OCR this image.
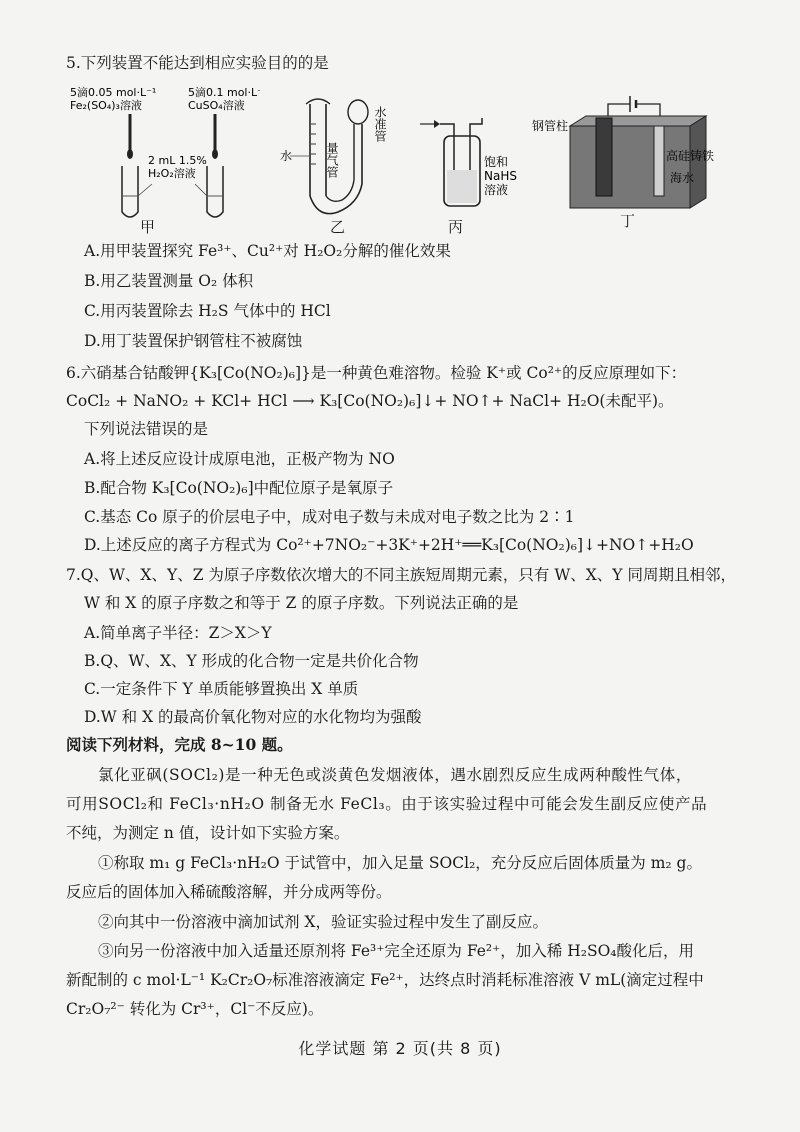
5.下列装置不能达到相应实验目的的是
5滴0.05 mol·L⁻¹
Fe₂(SO₄)₃溶液
5滴0.1 mol·L⁻¹
CuSO₄溶液
2 mL 1.5%
H₂O₂溶液
甲
水	量气管
水准管
乙
饱和
NaHS
溶液
丙
钢管柱
高硅铸铁
海水
丁
A.用甲装置探究 Fe³⁺、Cu²⁺对 H₂O₂分解的催化效果
B.用乙装置测量 O₂ 体积
C.用丙装置除去 H₂S 气体中的 HCl
D.用丁装置保护钢管柱不被腐蚀
6.六硝基合钴酸钾{K₃[Co(NO₂)₆]}是一种黄色难溶物。检验 K⁺或 Co²⁺的反应原理如下：
CoCl₂ + NaNO₂ + KCl+ HCl ⟶ K₃[Co(NO₂)₆]↓+ NO↑+ NaCl+ H₂O(未配平)。
下列说法错误的是
A.将上述反应设计成原电池，正极产物为 NO
B.配合物 K₃[Co(NO₂)₆]中配位原子是氧原子
C.基态 Co 原子的价层电子中，成对电子数与未成对电子数之比为 2∶1
D.上述反应的离子方程式为 Co²⁺+7NO₂⁻+3K⁺+2H⁺══K₃[Co(NO₂)₆]↓+NO↑+H₂O
7.Q、W、X、Y、Z 为原子序数依次增大的不同主族短周期元素，只有 W、X、Y 同周期且相邻，
W 和 X 的原子序数之和等于 Z 的原子序数。下列说法正确的是
A.简单离子半径：Z＞X＞Y
B.Q、W、X、Y 形成的化合物一定是共价化合物
C.一定条件下 Y 单质能够置换出 X 单质
D.W 和 X 的最高价氧化物对应的水化物均为强酸
阅读下列材料，完成 8~10 题。
氯化亚砜(SOCl₂)是一种无色或淡黄色发烟液体，遇水剧烈反应生成两种酸性气体，
可用SOCl₂和 FeCl₃·nH₂O 制备无水 FeCl₃。由于该实验过程中可能会发生副反应使产品
不纯，为测定 n 值，设计如下实验方案。
①称取 m₁ g FeCl₃·nH₂O 于试管中，加入足量 SOCl₂，充分反应后固体质量为 m₂ g。
反应后的固体加入稀硫酸溶解，并分成两等份。
②向其中一份溶液中滴加试剂 X，验证实验过程中发生了副反应。
③向另一份溶液中加入适量还原剂将 Fe³⁺完全还原为 Fe²⁺，加入稀 H₂SO₄酸化后，用
新配制的 c mol·L⁻¹ K₂Cr₂O₇标准溶液滴定 Fe²⁺，达终点时消耗标准溶液 V mL(滴定过程中
Cr₂O₇²⁻ 转化为 Cr³⁺，Cl⁻不反应)。
化学试题 第 2 页(共 8 页)
